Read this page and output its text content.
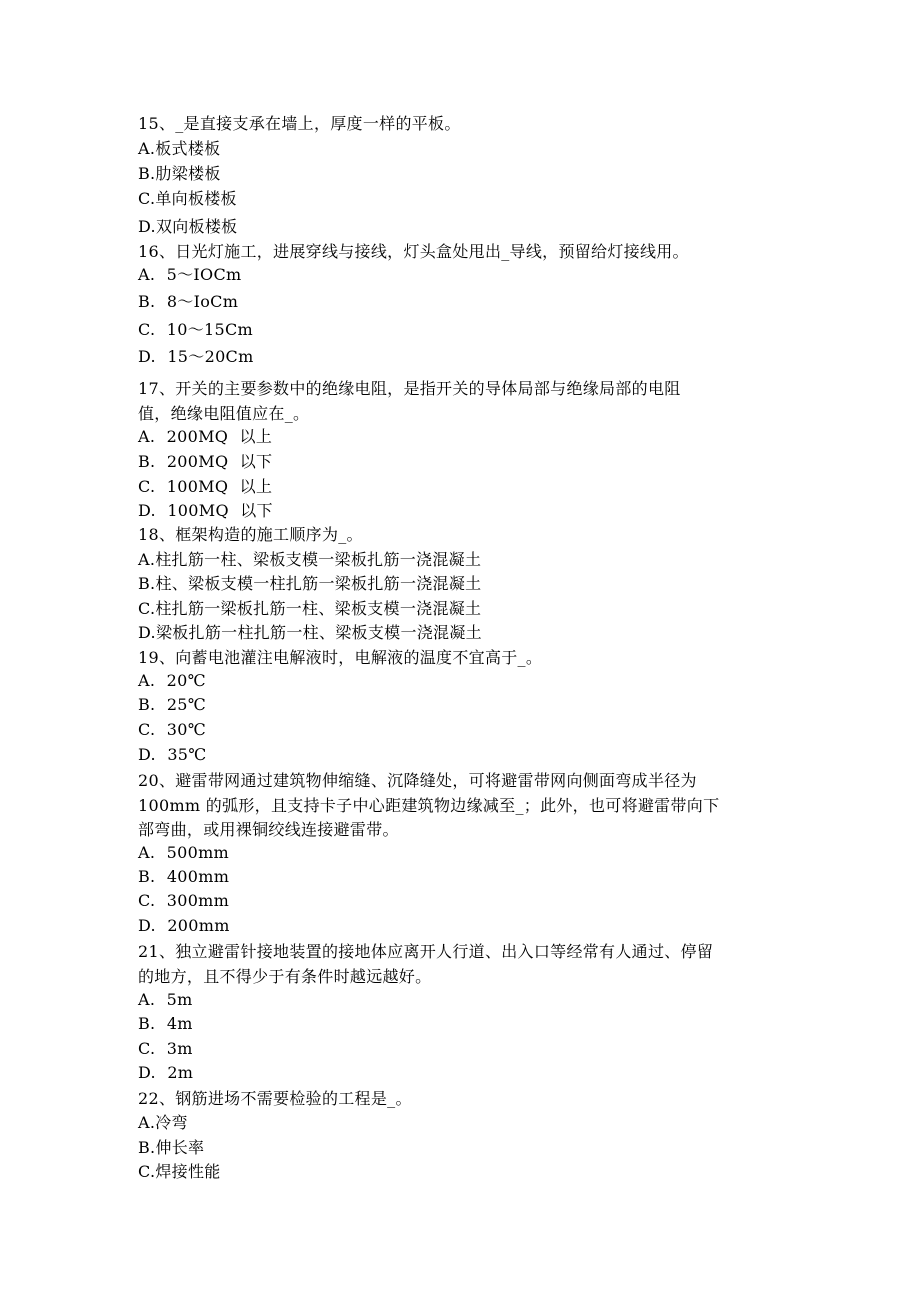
15、_是直接支承在墙上，厚度一样的平板。
A.板式楼板
B.肋梁楼板
C.单向板楼板
D.双向板楼板
16、日光灯施工，进展穿线与接线，灯头盒处甩出_导线，预留给灯接线用。
A. 5～IOCm
B. 8～IoCm
C. 10～15Cm
D. 15～20Cm
17、开关的主要参数中的绝缘电阻，是指开关的导体局部与绝缘局部的电阻
值，绝缘电阻值应在_。
A. 200MQ 以上
B. 200MQ 以下
C. 100MQ 以上
D. 100MQ 以下
18、框架构造的施工顺序为_。
A.柱扎筋一柱、梁板支模一梁板扎筋一浇混凝土
B.柱、梁板支模一柱扎筋一梁板扎筋一浇混凝土
C.柱扎筋一梁板扎筋一柱、梁板支模一浇混凝土
D.梁板扎筋一柱扎筋一柱、梁板支模一浇混凝土
19、向蓄电池灌注电解液时，电解液的温度不宜高于_。
A. 20℃
B. 25℃
C. 30℃
D. 35℃
20、避雷带网通过建筑物伸缩缝、沉降缝处，可将避雷带网向侧面弯成半径为
100mm 的弧形，且支持卡子中心距建筑物边缘减至_；此外，也可将避雷带向下
部弯曲，或用裸铜绞线连接避雷带。
A. 500mm
B. 400mm
C. 300mm
D. 200mm
21、独立避雷针接地装置的接地体应离开人行道、出入口等经常有人通过、停留
的地方，且不得少于有条件时越远越好。
A. 5m
B. 4m
C. 3m
D. 2m
22、钢筋进场不需要检验的工程是_。
A.冷弯
B.伸长率
C.焊接性能
